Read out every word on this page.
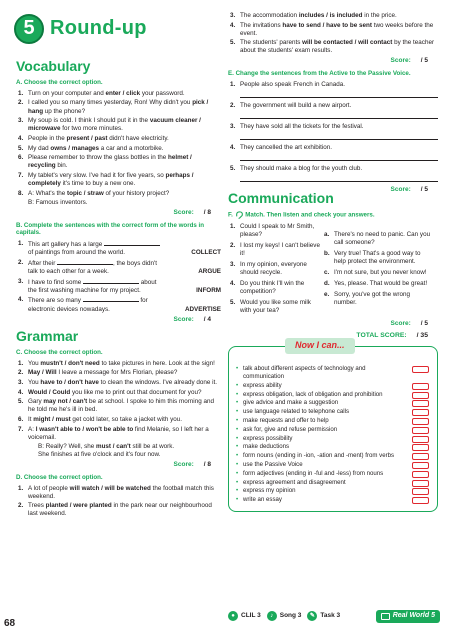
5 Round-up
Vocabulary
A. Choose the correct option.
1. Turn on your computer and enter / click your password.
2. I called you so many times yesterday, Ron! Why didn't you pick / hang up the phone?
3. My soup is cold. I think I should put it in the vacuum cleaner / microwave for two more minutes.
4. People in the present / past didn't have electricity.
5. My dad owns / manages a car and a motorbike.
6. Please remember to throw the glass bottles in the helmet / recycling bin.
7. My tablet's very slow. I've had it for five years, so perhaps / completely it's time to buy a new one.
8. A: What's the topic / straw of your history project?
B: Famous inventors.
Score: / 8
B. Complete the sentences with the correct form of the words in capitals.
1. This art gallery has a large
of paintings from around the world.	COLLECT
2. After their	, the boys didn't
talk to each other for a week.	ARGUE
3. I have to find some	about
the first washing machine for my project.	INFORM
4. There are so many	for
electronic devices nowadays.	ADVERTISE
Score: / 4
Grammar
C. Choose the correct option.
1. You mustn't / don't need to take pictures in here. Look at the sign!
2. May / Will I leave a message for Mrs Florian, please?
3. You have to / don't have to clean the windows. I've already done it.
4. Would / Could you like me to print out that document for you?
5. Gary may not / can't be at school. I spoke to him this morning and he told me he's ill in bed.
6. It might / must get cold later, so take a jacket with you.
7. A: I wasn't able to / won't be able to find Melanie, so I left her a voicemail.
B: Really? Well, she must / can't still be at work.
She finishes at five o'clock and it's four now.
Score: / 8
D. Choose the correct option.
1. A lot of people will watch / will be watched the football match this weekend.
2. Trees planted / were planted in the park near our neighbourhood last weekend.
3. The accommodation includes / is included in the price.
4. The invitations have to send / have to be sent two weeks before the event.
5. The students' parents will be contacted / will contact by the teacher about the students' exam results.
Score: / 5
E. Change the sentences from the Active to the Passive Voice.
1. People also speak French in Canada.
2. The government will build a new airport.
3. They have sold all the tickets for the festival.
4. They cancelled the art exhibition.
5. They should make a blog for the youth club.
Score: / 5
Communication
F. Match. Then listen and check your answers.
1. Could I speak to Mr Smith, please?
2. I lost my keys! I can't believe it!
3. In my opinion, everyone should recycle.
4. Do you think I'll win the competition?
5. Would you like some milk with your tea?
a. There's no need to panic. Can you call someone?
b. Very true! That's a good way to help protect the environment.
c. I'm not sure, but you never know!
d. Yes, please. That would be great!
e. Sorry, you've got the wrong number.
Score: / 5
TOTAL SCORE: / 35
Now I can...
• talk about different aspects of technology and communication
• express ability
• express obligation, lack of obligation and prohibition
• give advice and make a suggestion
• use language related to telephone calls
• make requests and offer to help
• ask for, give and refuse permission
• express possibility
• make deductions
• form nouns (ending in -ion, -ation and -ment) from verbs
• use the Passive Voice
• form adjectives (ending in -ful and -less) from nouns
• express agreement and disagreement
• express my opinion
• write an essay
68
● CLIL 3	♪	Song 3	✎ Task 3	Real World 5
